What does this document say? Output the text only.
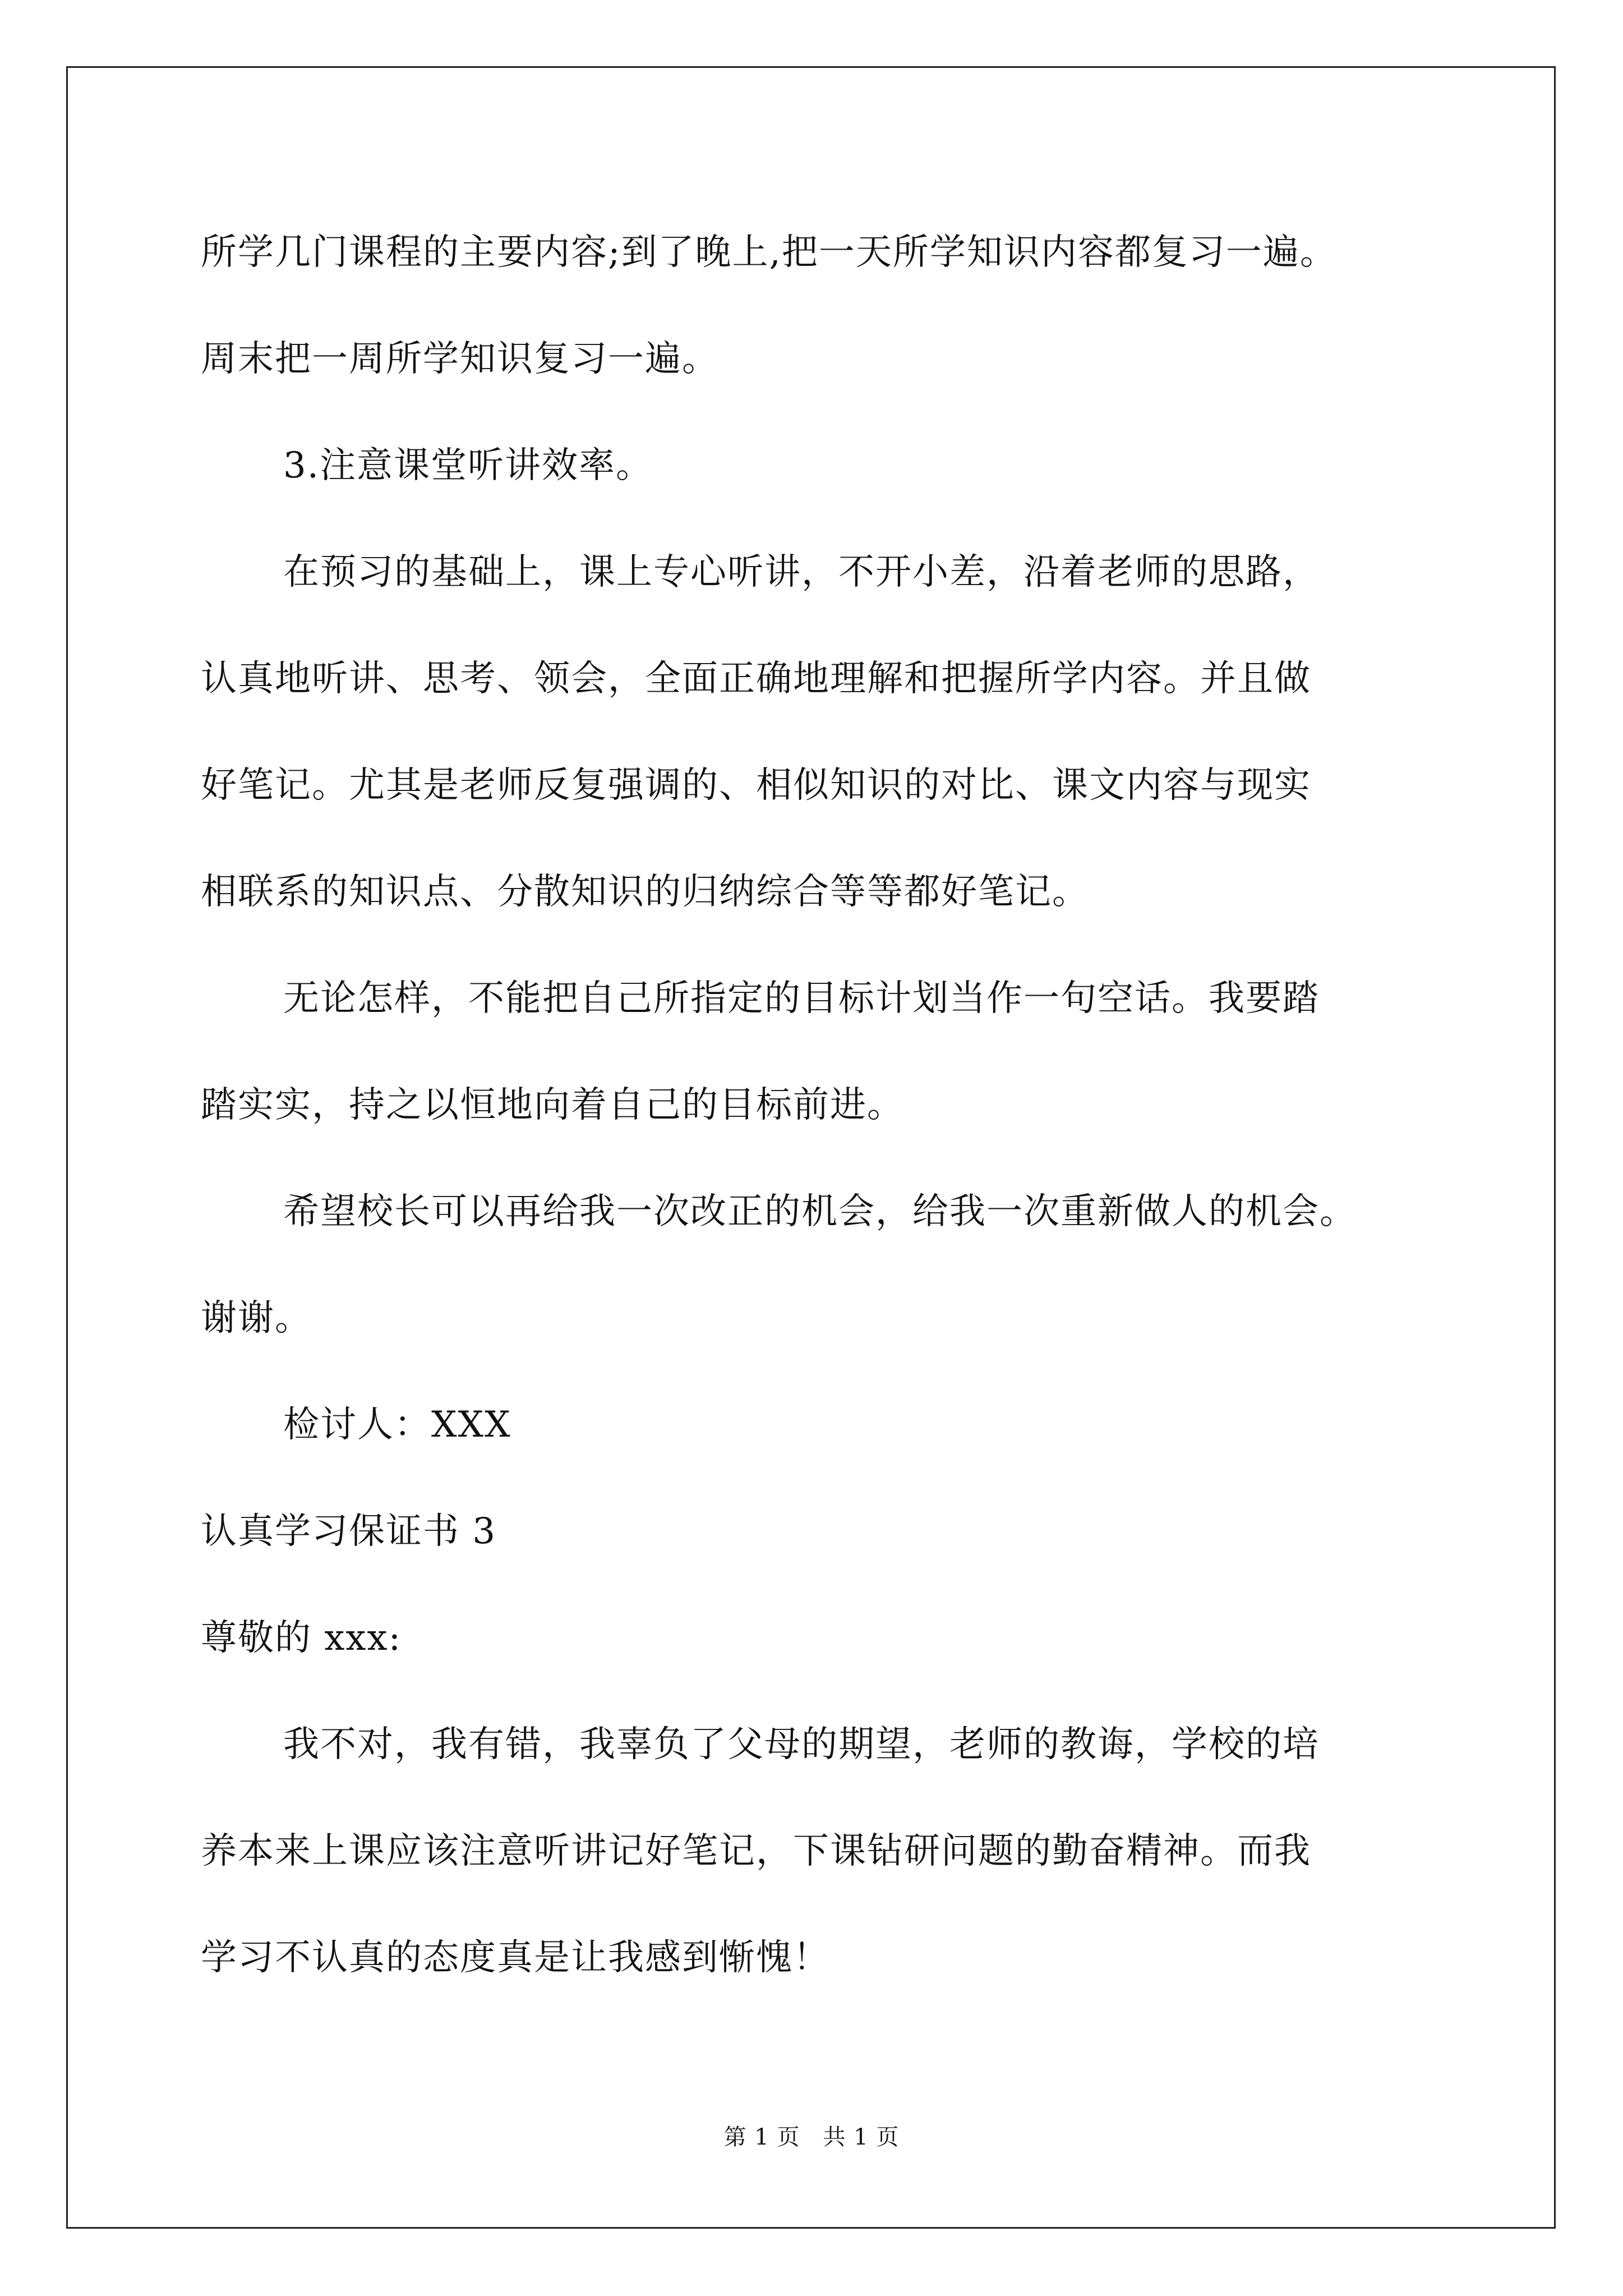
所学几门课程的主要内容;到了晚上,把一天所学知识内容都复习一遍。
周末把一周所学知识复习一遍。
3.注意课堂听讲效率。
在预习的基础上，课上专心听讲，不开小差，沿着老师的思路，
认真地听讲、思考、领会，全面正确地理解和把握所学内容。并且做
好笔记。尤其是老师反复强调的、相似知识的对比、课文内容与现实
相联系的知识点、分散知识的归纳综合等等都好笔记。
无论怎样，不能把自己所指定的目标计划当作一句空话。我要踏
踏实实，持之以恒地向着自己的目标前进。
希望校长可以再给我一次改正的机会，给我一次重新做人的机会。
谢谢。
检讨人：XXX
认真学习保证书 3
尊敬的 xxx:
我不对，我有错，我辜负了父母的期望，老师的教诲，学校的培
养本来上课应该注意听讲记好笔记，下课钻研问题的勤奋精神。而我
学习不认真的态度真是让我感到惭愧！
第 1 页　共 1 页
